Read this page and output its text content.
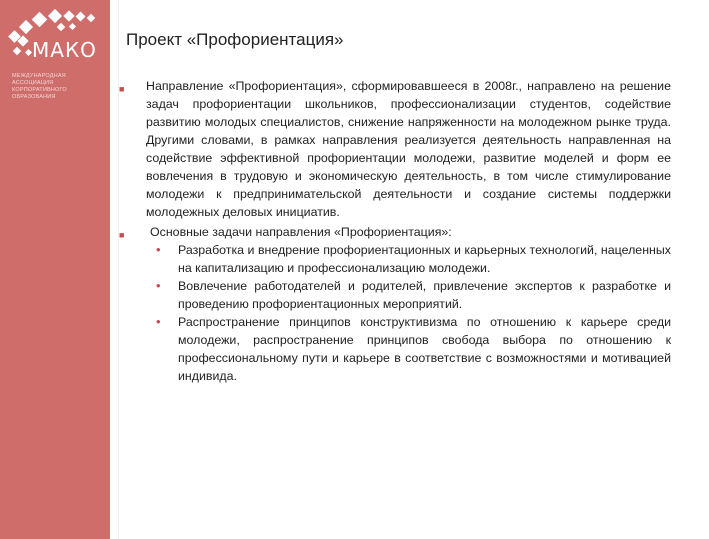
МАКО
МЕЖДУНАРОДНАЯ АССОЦИАЦИЯ КОРПОРАТИВНОГО ОБРАЗОВАНИЯ
Проект «Профориентация»
■ Направление «Профориентация», сформировавшееся в 2008г., направлено на решение задач профориентации школьников, профессионализации студентов, содействие развитию молодых специалистов, снижение напряженности на молодежном рынке труда. Другими словами, в рамках направления реализуется деятельность направленная на содействие эффективной профориентации молодежи, развитие моделей и форм ее вовлечения в трудовую и экономическую деятельность, в том числе стимулирование молодежи к предпринимательской деятельности и создание системы поддержки молодежных деловых инициатив.
■ Основные задачи направления «Профориентация»:
• Разработка и внедрение профориентационных и карьерных технологий, нацеленных на капитализацию и профессионализацию молодежи.
• Вовлечение работодателей и родителей, привлечение экспертов к разработке и проведению профориентационных мероприятий.
• Распространение принципов конструктивизма по отношению к карьере среди молодежи, распространение принципов свобода выбора по отношению к профессиональному пути и карьере в соответствие с возможностями и мотивацией индивида.
